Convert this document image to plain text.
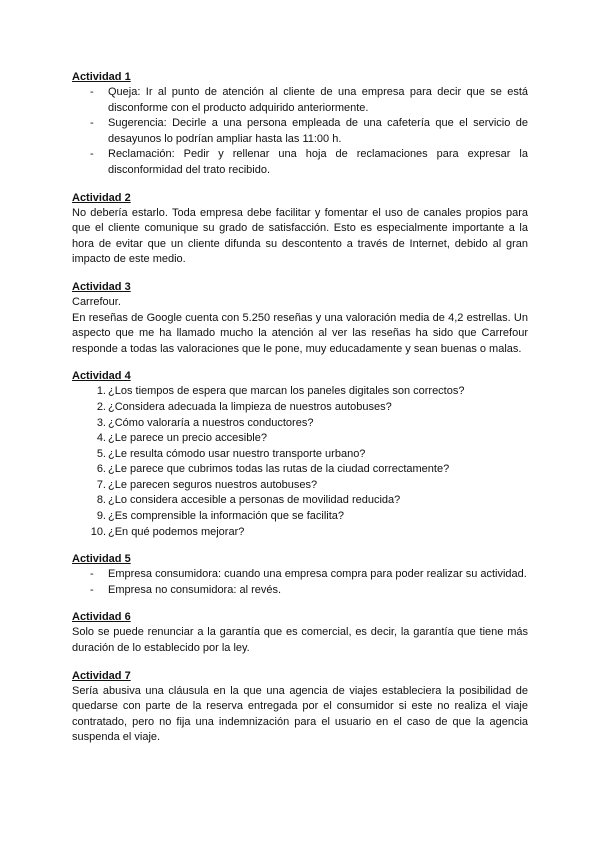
Actividad 1

- Queja: Ir al punto de atención al cliente de una empresa para decir que se está disconforme con el producto adquirido anteriormente.
- Sugerencia: Decirle a una persona empleada de una cafetería que el servicio de desayunos lo podrían ampliar hasta las 11:00 h.
- Reclamación: Pedir y rellenar una hoja de reclamaciones para expresar la disconformidad del trato recibido.

Actividad 2

No debería estarlo. Toda empresa debe facilitar y fomentar el uso de canales propios para que el cliente comunique su grado de satisfacción. Esto es especialmente importante a la hora de evitar que un cliente difunda su descontento a través de Internet, debido al gran impacto de este medio.

Actividad 3

Carrefour.

En reseñas de Google cuenta con 5.250 reseñas y una valoración media de 4,2 estrellas. Un aspecto que me ha llamado mucho la atención al ver las reseñas ha sido que Carrefour responde a todas las valoraciones que le pone, muy educadamente y sean buenas o malas.

Actividad 4

1. ¿Los tiempos de espera que marcan los paneles digitales son correctos?
2. ¿Considera adecuada la limpieza de nuestros autobuses?
3. ¿Cómo valoraría a nuestros conductores?
4. ¿Le parece un precio accesible?
5. ¿Le resulta cómodo usar nuestro transporte urbano?
6. ¿Le parece que cubrimos todas las rutas de la ciudad correctamente?
7. ¿Le parecen seguros nuestros autobuses?
8. ¿Lo considera accesible a personas de movilidad reducida?
9. ¿Es comprensible la información que se facilita?
10. ¿En qué podemos mejorar?

Actividad 5

- Empresa consumidora: cuando una empresa compra para poder realizar su actividad.
- Empresa no consumidora: al revés.

Actividad 6

Solo se puede renunciar a la garantía que es comercial, es decir, la garantía que tiene más duración de lo establecido por la ley.

Actividad 7

Sería abusiva una cláusula en la que una agencia de viajes estableciera la posibilidad de quedarse con parte de la reserva entregada por el consumidor si este no realiza el viaje contratado, pero no fija una indemnización para el usuario en el caso de que la agencia suspenda el viaje.
